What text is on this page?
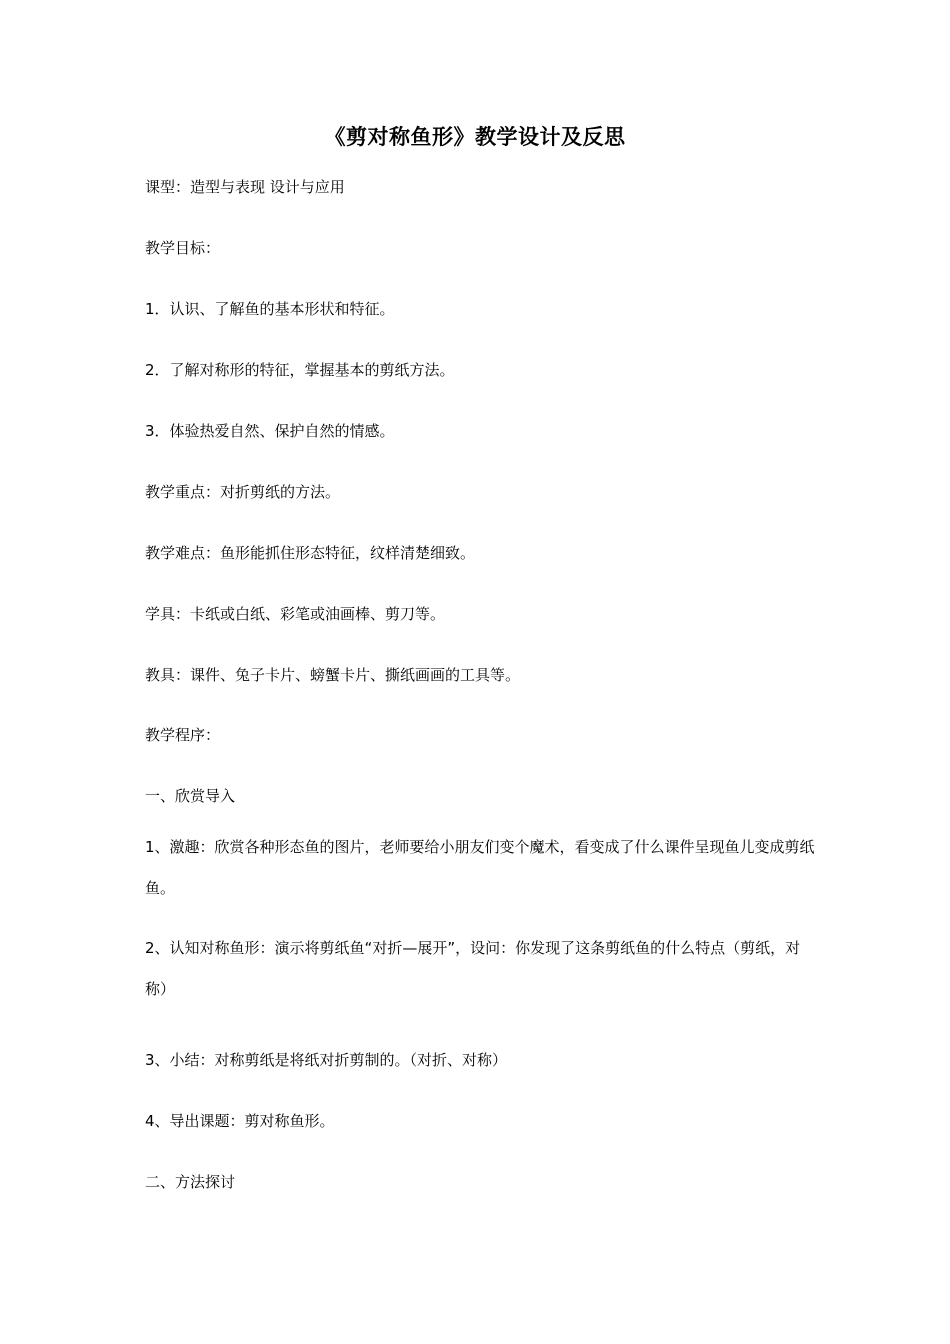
《剪对称鱼形》教学设计及反思
课型：造型与表现 设计与应用
教学目标：
1．认识、了解鱼的基本形状和特征。
2．了解对称形的特征，掌握基本的剪纸方法。
3．体验热爱自然、保护自然的情感。
教学重点：对折剪纸的方法。
教学难点：鱼形能抓住形态特征，纹样清楚细致。
学具：卡纸或白纸、彩笔或油画棒、剪刀等。
教具：课件、兔子卡片、螃蟹卡片、撕纸画画的工具等。
教学程序：
一、欣赏导入
1、激趣：欣赏各种形态鱼的图片，老师要给小朋友们变个魔术，看变成了什么课件呈现鱼儿变成剪纸鱼。
2、认知对称鱼形：演示将剪纸鱼“对折—展开”，设问：你发现了这条剪纸鱼的什么特点（剪纸，对称）
3、小结：对称剪纸是将纸对折剪制的。（对折、对称）
4、导出课题：剪对称鱼形。
二、方法探讨
